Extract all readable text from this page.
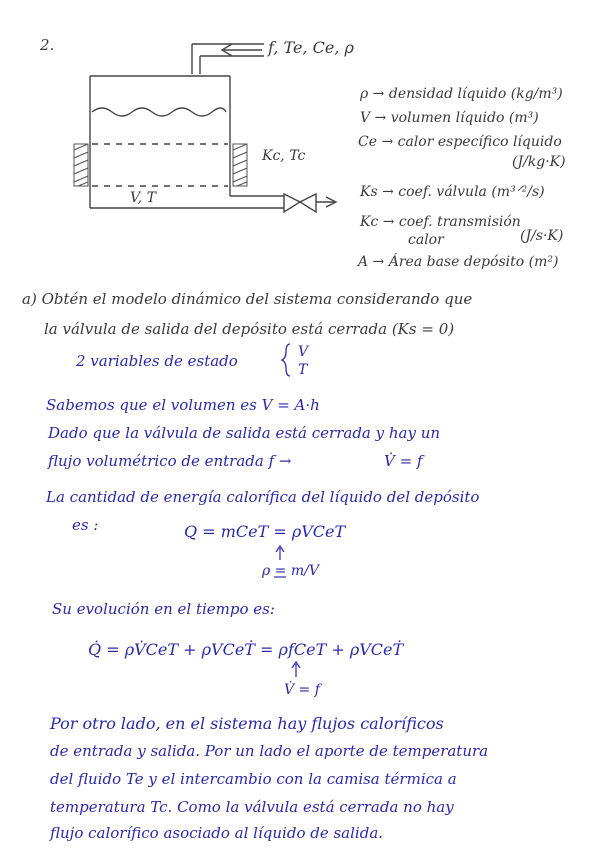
2.	f, Te, Ce, ρ
V, T
Kc, Tc
ρ → densidad líquido (kg/m³)
V → volumen líquido (m³)
Ce → calor específico líquido
(J/kg·K)
Ks → coef. válvula (m³ᐟ²/s)
Kc → coef. transmisión
calor	(J/s·K)
A → Área base depósito (m²)
a) Obtén el modelo dinámico del sistema considerando que
la válvula de salida del depósito está cerrada (Ks = 0)
2 variables de estado	V
T
Sabemos que el volumen es V = A·h
Dado que la válvula de salida está cerrada y hay un
flujo volumétrico de entrada f →	V̇ = f
La cantidad de energía calorífica del líquido del depósito
es :	Q = mCeT = ρVCeT
ρ = m/V
Su evolución en el tiempo es:
Q̇ = ρV̇CeT + ρVCeṪ = ρfCeT + ρVCeṪ
V̇ = f
Por otro lado, en el sistema hay flujos caloríficos
de entrada y salida. Por un lado el aporte de temperatura
del fluido Te y el intercambio con la camisa térmica a
temperatura Tc. Como la válvula está cerrada no hay
flujo calorífico asociado al líquido de salida.
